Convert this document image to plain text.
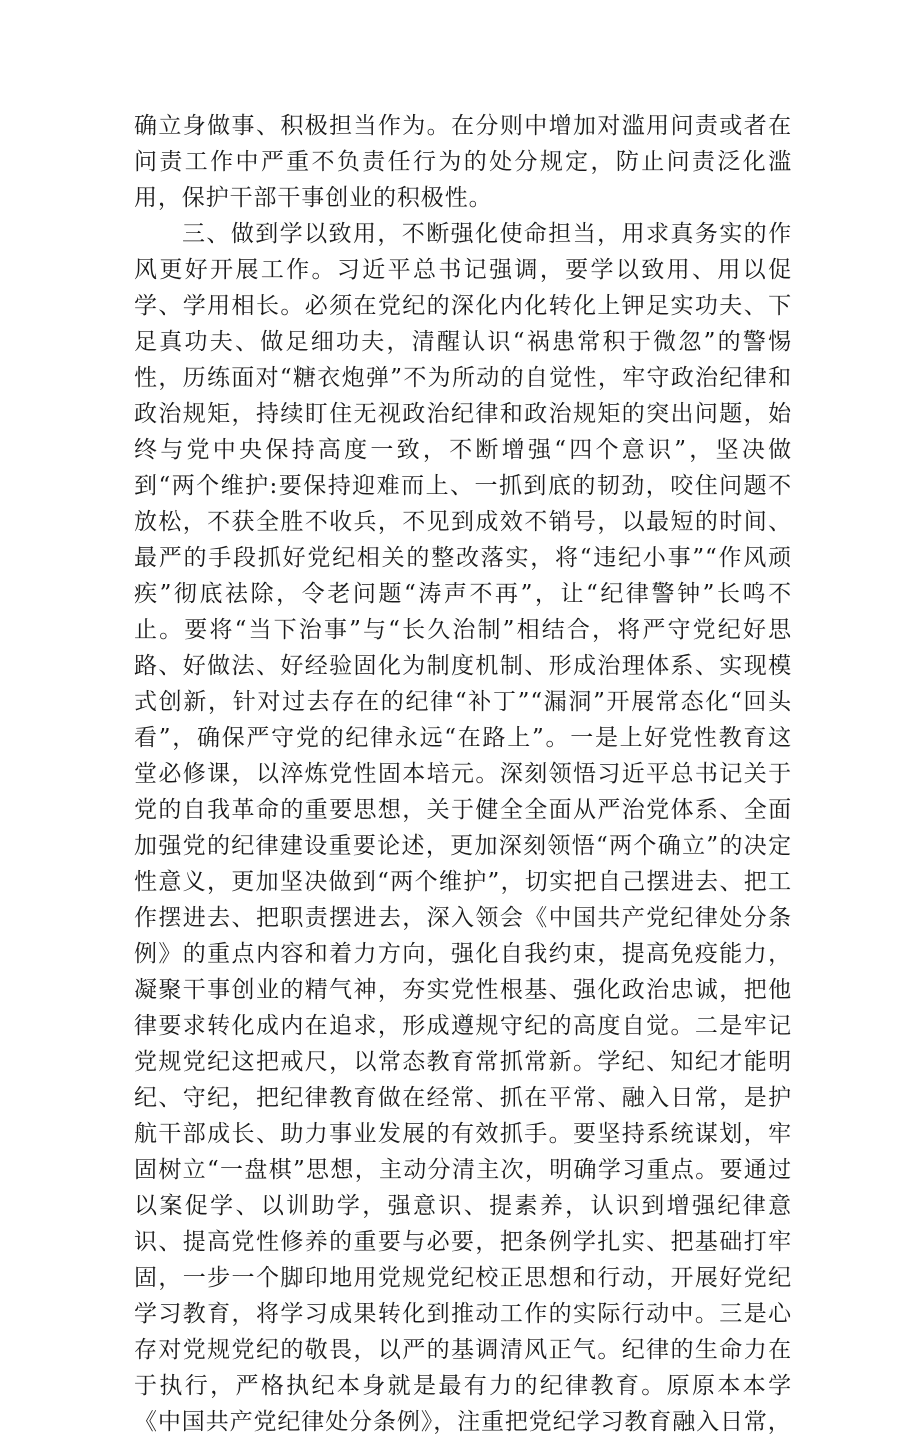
确立身做事、积极担当作为。在分则中增加对滥用问责或者在问责工作中严重不负责任行为的处分规定，防止问责泛化滥用，保护干部干事创业的积极性。

三、做到学以致用，不断强化使命担当，用求真务实的作风更好开展工作。习近平总书记强调，要学以致用、用以促学、学用相长。必须在党纪的深化内化转化上钾足实功夫、下足真功夫、做足细功夫，清醒认识“祸患常积于微忽”的警惕性，历练面对“糖衣炮弹”不为所动的自觉性，牢守政治纪律和政治规矩，持续盯住无视政治纪律和政治规矩的突出问题，始终与党中央保持高度一致，不断增强“四个意识”，坚决做到“两个维护:要保持迎难而上、一抓到底的韧劲，咬住问题不放松，不获全胜不收兵，不见到成效不销号，以最短的时间、最严的手段抓好党纪相关的整改落实，将“违纪小事”“作风顽疾”彻底祛除，令老问题“涛声不再”，让“纪律警钟”长鸣不止。要将“当下治事”与“长久治制”相结合，将严守党纪好思路、好做法、好经验固化为制度机制、形成治理体系、实现模式创新，针对过去存在的纪律“补丁”“漏洞”开展常态化“回头看”，确保严守党的纪律永远“在路上”。一是上好党性教育这堂必修课，以淬炼党性固本培元。深刻领悟习近平总书记关于党的自我革命的重要思想，关于健全全面从严治党体系、全面加强党的纪律建设重要论述，更加深刻领悟“两个确立”的决定性意义，更加坚决做到“两个维护”，切实把自己摆进去、把工作摆进去、把职责摆进去，深入领会《中国共产党纪律处分条例》的重点内容和着力方向，强化自我约束，提高免疫能力，凝聚干事创业的精气神，夯实党性根基、强化政治忠诚，把他律要求转化成内在追求，形成遵规守纪的高度自觉。二是牢记党规党纪这把戒尺，以常态教育常抓常新。学纪、知纪才能明纪、守纪，把纪律教育做在经常、抓在平常、融入日常，是护航干部成长、助力事业发展的有效抓手。要坚持系统谋划，牢固树立“一盘棋”思想，主动分清主次，明确学习重点。要通过以案促学、以训助学，强意识、提素养，认识到增强纪律意识、提高党性修养的重要与必要，把条例学扎实、把基础打牢固，一步一个脚印地用党规党纪校正思想和行动，开展好党纪学习教育，将学习成果转化到推动工作的实际行动中。三是心存对党规党纪的敬畏，以严的基调清风正气。纪律的生命力在于执行，严格执纪本身就是最有力的纪律教育。原原本本学《中国共产党纪律处分条例》，注重把党纪学习教育融入日常，
